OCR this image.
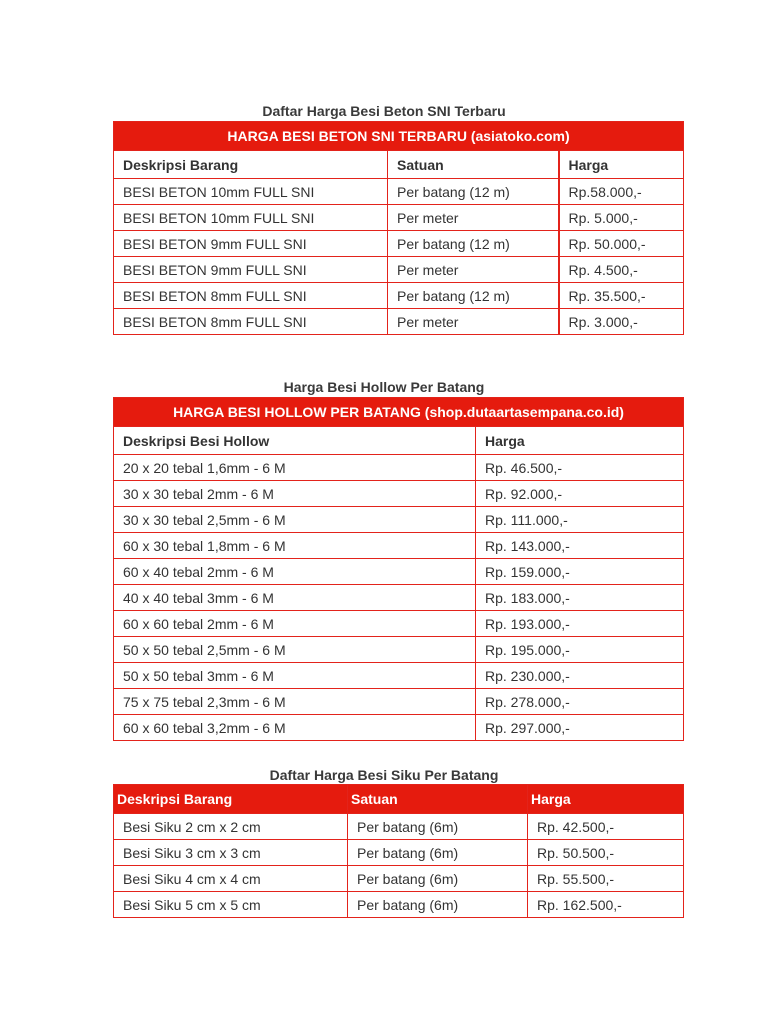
Daftar Harga Besi Beton SNI Terbaru
HARGA BESI BETON SNI TERBARU (asiatoko.com)		
Deskripsi Barang	Satuan	Harga
BESI BETON 10mm FULL SNI	Per batang (12 m)	Rp.58.000,-
BESI BETON 10mm FULL SNI	Per meter	Rp. 5.000,-
BESI BETON 9mm FULL SNI	Per batang (12 m)	Rp. 50.000,-
BESI BETON 9mm FULL SNI	Per meter	Rp. 4.500,-
BESI BETON 8mm FULL SNI	Per batang (12 m)	Rp. 35.500,-
BESI BETON 8mm FULL SNI	Per meter	Rp. 3.000,-
Harga Besi Hollow Per Batang
HARGA BESI HOLLOW PER BATANG (shop.dutaartasempana.co.id)	
Deskripsi Besi Hollow	Harga
20 x 20 tebal 1,6mm - 6 M	Rp. 46.500,-
30 x 30 tebal 2mm - 6 M	Rp. 92.000,-
30 x 30 tebal 2,5mm - 6 M	Rp. 111.000,-
60 x 30 tebal 1,8mm - 6 M	Rp. 143.000,-
60 x 40 tebal 2mm - 6 M	Rp. 159.000,-
40 x 40 tebal 3mm - 6 M	Rp. 183.000,-
60 x 60 tebal 2mm - 6 M	Rp. 193.000,-
50 x 50 tebal 2,5mm - 6 M	Rp. 195.000,-
50 x 50 tebal 3mm - 6 M	Rp. 230.000,-
75 x 75 tebal 2,3mm - 6 M	Rp. 278.000,-
60 x 60 tebal 3,2mm - 6 M	Rp. 297.000,-
Daftar Harga Besi Siku Per Batang
Deskripsi Barang	Satuan	Harga
Besi Siku 2 cm x 2 cm	Per batang (6m)	Rp. 42.500,-
Besi Siku 3 cm x 3 cm	Per batang (6m)	Rp. 50.500,-
Besi Siku 4 cm x 4 cm	Per batang (6m)	Rp. 55.500,-
Besi Siku 5 cm x 5 cm	Per batang (6m)	Rp. 162.500,-
